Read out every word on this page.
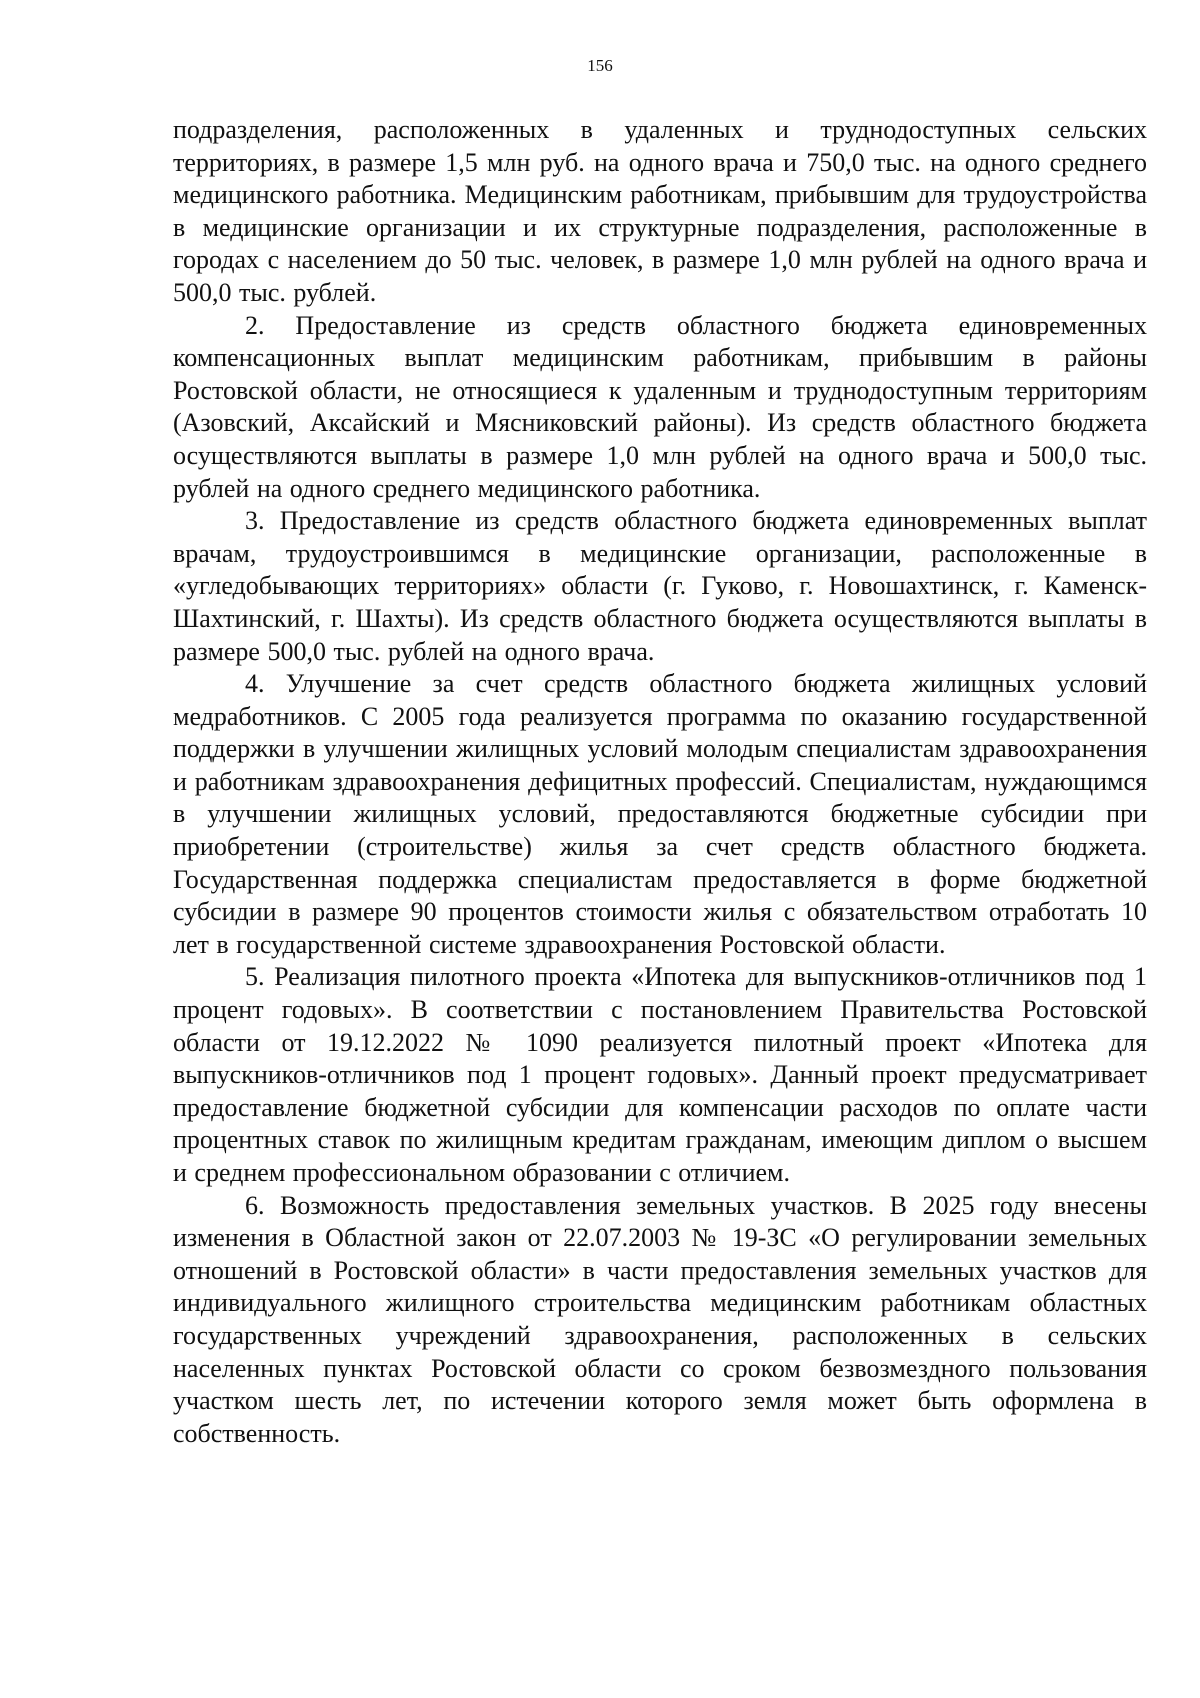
156

подразделения, расположенных в удаленных и труднодоступных сельских территориях, в размере 1,5 млн руб. на одного врача и 750,0 тыс. на одного среднего медицинского работника. Медицинским работникам, прибывшим для трудоустройства в медицинские организации и их структурные подразделения, расположенные в городах с населением до 50 тыс. человек, в размере 1,0 млн рублей на одного врача и 500,0 тыс. рублей.

2. Предоставление из средств областного бюджета единовременных компенсационных выплат медицинским работникам, прибывшим в районы Ростовской области, не относящиеся к удаленным и труднодоступным территориям (Азовский, Аксайский и Мясниковский районы). Из средств областного бюджета осуществляются выплаты в размере 1,0 млн рублей на одного врача и 500,0 тыс. рублей на одного среднего медицинского работника.

3. Предоставление из средств областного бюджета единовременных выплат врачам, трудоустроившимся в медицинские организации, расположенные в «угледобывающих территориях» области (г. Гуково, г. Новошахтинск, г. Каменск-Шахтинский, г. Шахты). Из средств областного бюджета осуществляются выплаты в размере 500,0 тыс. рублей на одного врача.

4. Улучшение за счет средств областного бюджета жилищных условий медработников. С 2005 года реализуется программа по оказанию государственной поддержки в улучшении жилищных условий молодым специалистам здравоохранения и работникам здравоохранения дефицитных профессий. Специалистам, нуждающимся в улучшении жилищных условий, предоставляются бюджетные субсидии при приобретении (строительстве) жилья за счет средств областного бюджета. Государственная поддержка специалистам предоставляется в форме бюджетной субсидии в размере 90 процентов стоимости жилья с обязательством отработать 10 лет в государственной системе здравоохранения Ростовской области.

5. Реализация пилотного проекта «Ипотека для выпускников-отличников под 1 процент годовых». В соответствии с постановлением Правительства Ростовской области от 19.12.2022 № 1090 реализуется пилотный проект «Ипотека для выпускников-отличников под 1 процент годовых». Данный проект предусматривает предоставление бюджетной субсидии для компенсации расходов по оплате части процентных ставок по жилищным кредитам гражданам, имеющим диплом о высшем и среднем профессиональном образовании с отличием.

6. Возможность предоставления земельных участков. В 2025 году внесены изменения в Областной закон от 22.07.2003 № 19-ЗС «О регулировании земельных отношений в Ростовской области» в части предоставления земельных участков для индивидуального жилищного строительства медицинским работникам областных государственных учреждений здравоохранения, расположенных в сельских населенных пунктах Ростовской области со сроком безвозмездного пользования участком шесть лет, по истечении которого земля может быть оформлена в собственность.
